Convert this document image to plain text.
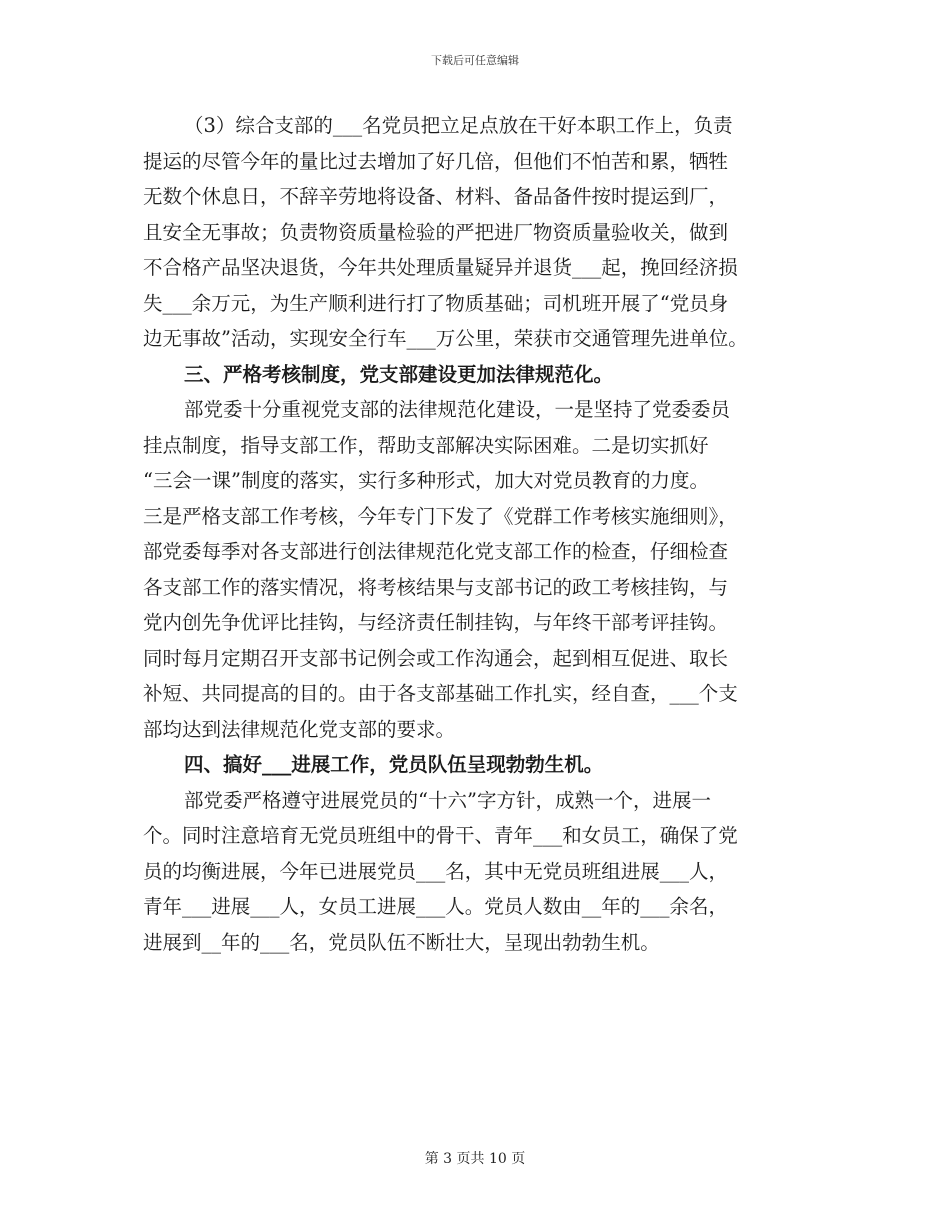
下载后可任意编辑
（3）综合支部的___名党员把立足点放在干好本职工作上，负责
提运的尽管今年的量比过去增加了好几倍，但他们不怕苦和累，牺牲
无数个休息日，不辞辛劳地将设备、材料、备品备件按时提运到厂，
且安全无事故；负责物资质量检验的严把进厂物资质量验收关，做到
不合格产品坚决退货，今年共处理质量疑异并退货___起，挽回经济损
失___余万元，为生产顺利进行打了物质基础；司机班开展了“党员身
边无事故”活动，实现安全行车___万公里，荣获市交通管理先进单位。
三、严格考核制度，党支部建设更加法律规范化。
部党委十分重视党支部的法律规范化建设，一是坚持了党委委员
挂点制度，指导支部工作，帮助支部解决实际困难。二是切实抓好
“三会一课”制度的落实，实行多种形式，加大对党员教育的力度。
三是严格支部工作考核，今年专门下发了《党群工作考核实施细则》，
部党委每季对各支部进行创法律规范化党支部工作的检查，仔细检查
各支部工作的落实情况，将考核结果与支部书记的政工考核挂钩，与
党内创先争优评比挂钩，与经济责任制挂钩，与年终干部考评挂钩。
同时每月定期召开支部书记例会或工作沟通会，起到相互促进、取长
补短、共同提高的目的。由于各支部基础工作扎实，经自查，___个支
部均达到法律规范化党支部的要求。
四、搞好___进展工作，党员队伍呈现勃勃生机。
部党委严格遵守进展党员的“十六”字方针，成熟一个，进展一
个。同时注意培育无党员班组中的骨干、青年___和女员工，确保了党
员的均衡进展，今年已进展党员___名，其中无党员班组进展___人，
青年___进展___人，女员工进展___人。党员人数由__年的___余名，
进展到__年的___名，党员队伍不断壮大，呈现出勃勃生机。
第 3 页共 10 页
